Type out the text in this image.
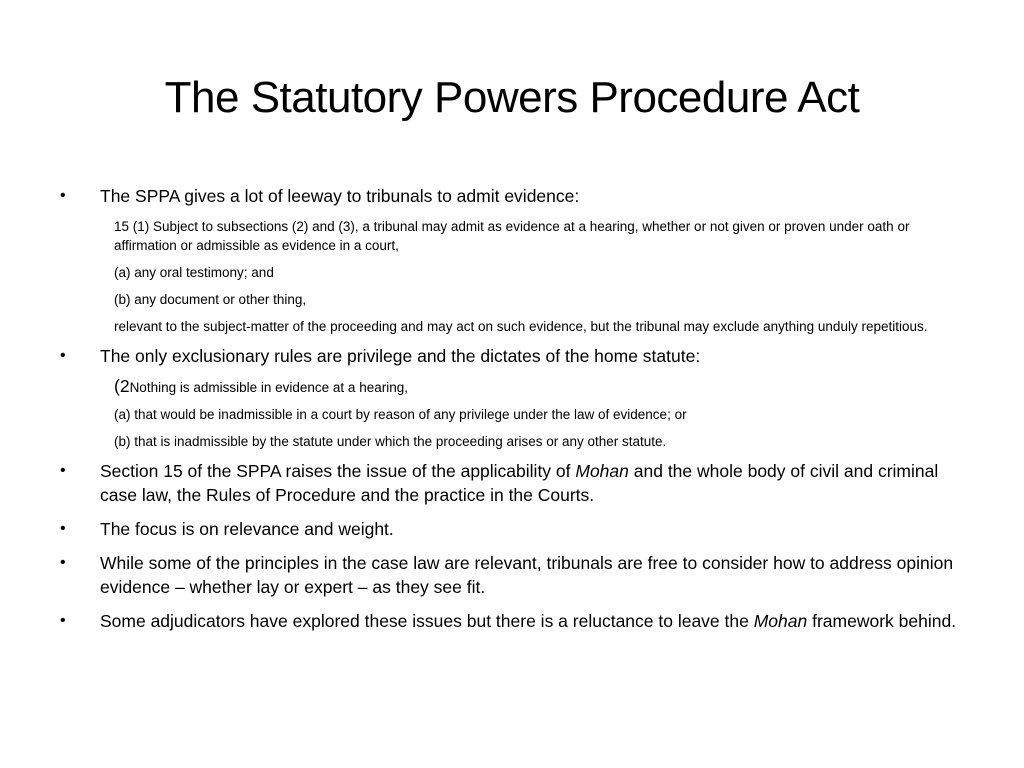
The Statutory Powers Procedure Act
•	The SPPA gives a lot of leeway to tribunals to admit evidence:
15 (1) Subject to subsections (2) and (3), a tribunal may admit as evidence at a hearing, whether or not given or proven under oath or affirmation or admissible as evidence in a court,
(a) any oral testimony; and
(b) any document or other thing,
relevant to the subject-matter of the proceeding and may act on such evidence, but the tribunal may exclude anything unduly repetitious.
•	The only exclusionary rules are privilege and the dictates of the home statute:
(2Nothing is admissible in evidence at a hearing,
(a) that would be inadmissible in a court by reason of any privilege under the law of evidence; or
(b) that is inadmissible by the statute under which the proceeding arises or any other statute.
•	Section 15 of the SPPA raises the issue of the applicability of Mohan and the whole body of civil and criminal case law, the Rules of Procedure and the practice in the Courts.
•	The focus is on relevance and weight.
•	While some of the principles in the case law are relevant, tribunals are free to consider how to address opinion evidence – whether lay or expert – as they see fit.
•	Some adjudicators have explored these issues but there is a reluctance to leave the Mohan framework behind.
